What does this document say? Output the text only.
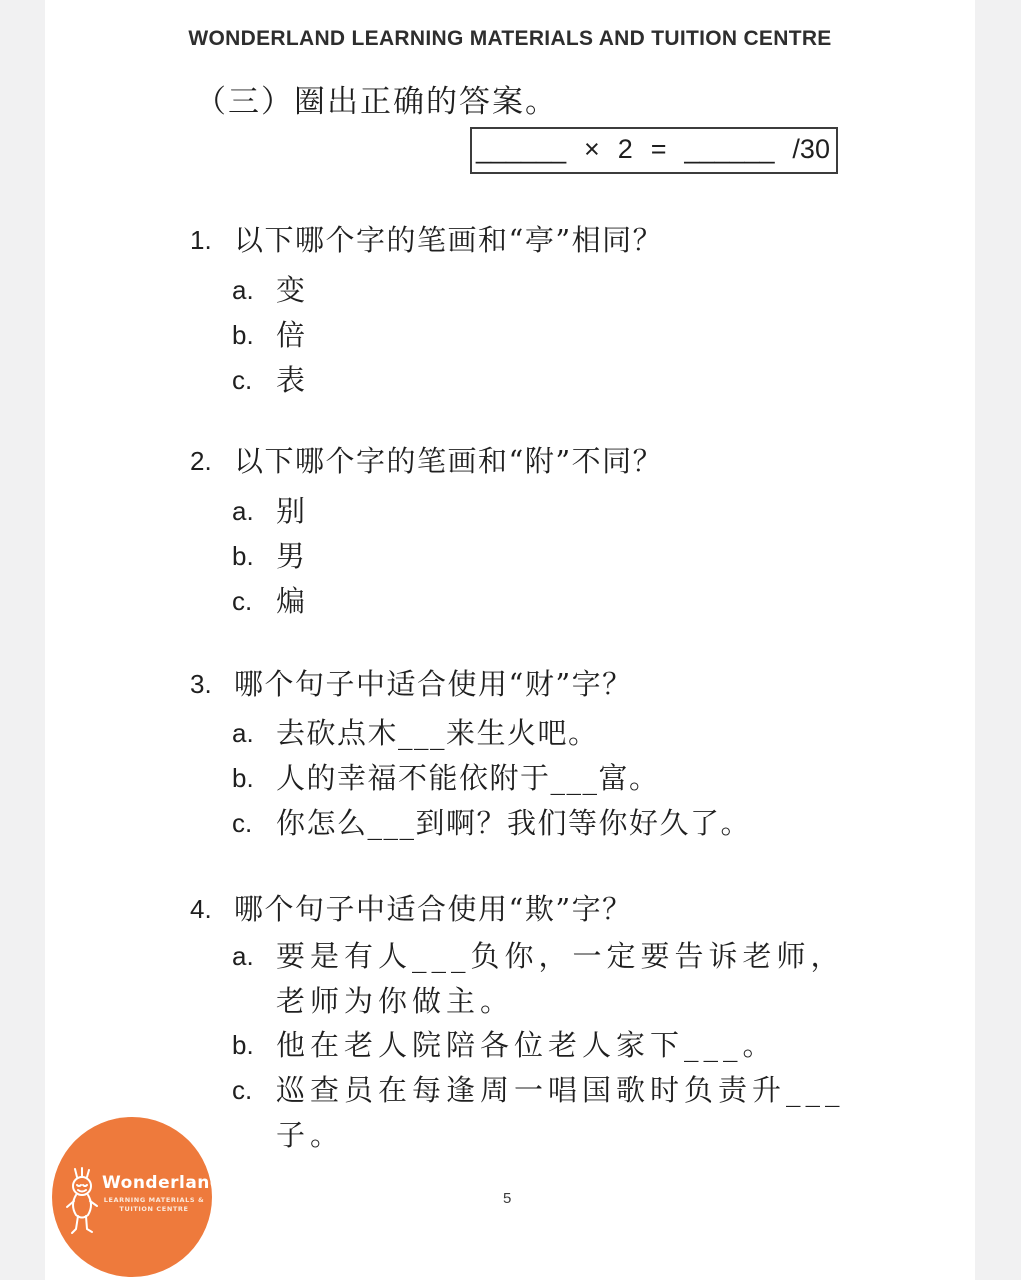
WONDERLAND LEARNING MATERIALS AND TUITION CENTRE
（三）圈出正确的答案。
______ × 2 = ______ /30
1. 以下哪个字的笔画和“亭”相同？
a. 变
b. 倍
c. 表
2. 以下哪个字的笔画和“附”不同？
a. 别
b. 男
c. 煸
3. 哪个句子中适合使用“财”字？
a. 去砍点木___来生火吧。
b. 人的幸福不能依附于___富。
c. 你怎么___到啊？我们等你好久了。
4. 哪个句子中适合使用“欺”字？
a. 要是有人___负你，一定要告诉老师，老师为你做主。
b. 他在老人院陪各位老人家下___。
c. 巡查员在每逢周一唱国歌时负责升___子。
5
Wonderland
LEARNING MATERIALS &
TUITION CENTRE
